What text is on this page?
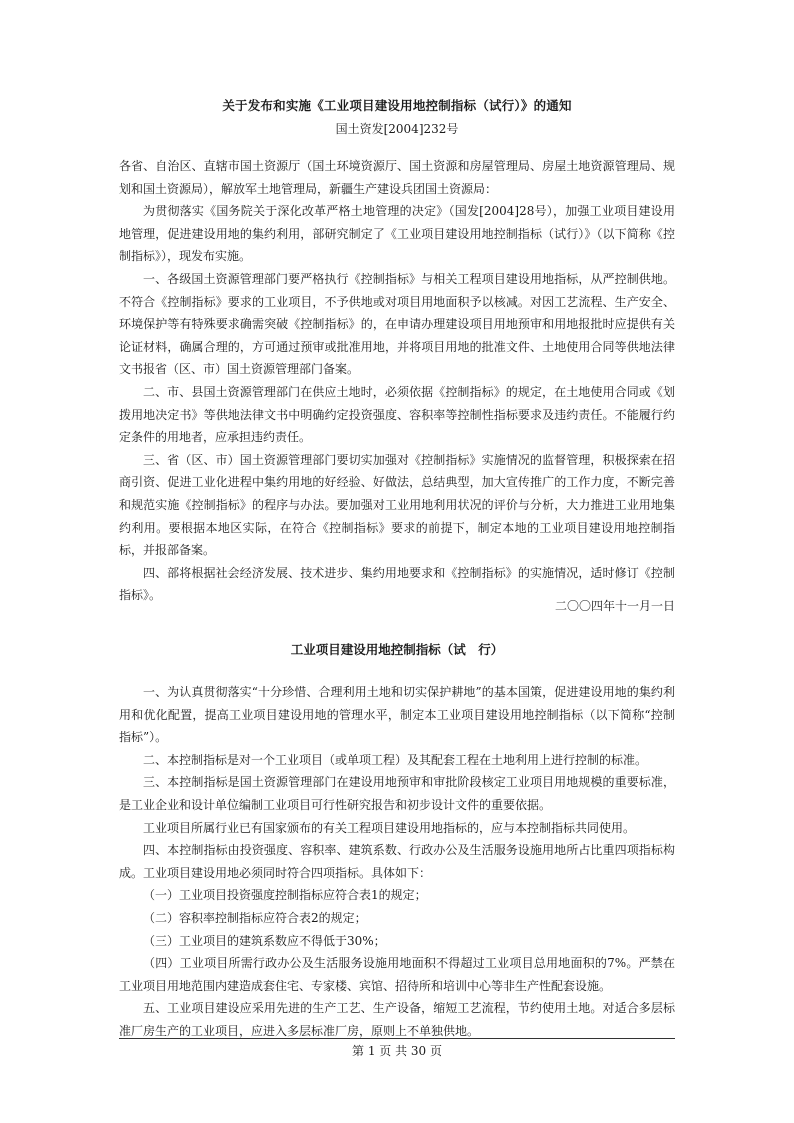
关于发布和实施《工业项目建设用地控制指标（试行）》的通知
国土资发[2004]232号

各省、自治区、直辖市国土资源厅（国土环境资源厅、国土资源和房屋管理局、房屋土地资源管理局、规划和国土资源局），解放军土地管理局，新疆生产建设兵团国土资源局：

为贯彻落实《国务院关于深化改革严格土地管理的决定》（国发[2004]28号），加强工业项目建设用地管理，促进建设用地的集约利用，部研究制定了《工业项目建设用地控制指标（试行）》（以下简称《控制指标》），现发布实施。

一、各级国土资源管理部门要严格执行《控制指标》与相关工程项目建设用地指标，从严控制供地。不符合《控制指标》要求的工业项目，不予供地或对项目用地面积予以核减。对因工艺流程、生产安全、环境保护等有特殊要求确需突破《控制指标》的，在申请办理建设项目用地预审和用地报批时应提供有关论证材料，确属合理的，方可通过预审或批准用地，并将项目用地的批准文件、土地使用合同等供地法律文书报省（区、市）国土资源管理部门备案。

二、市、县国土资源管理部门在供应土地时，必须依据《控制指标》的规定，在土地使用合同或《划拨用地决定书》等供地法律文书中明确约定投资强度、容积率等控制性指标要求及违约责任。不能履行约定条件的用地者，应承担违约责任。

三、省（区、市）国土资源管理部门要切实加强对《控制指标》实施情况的监督管理，积极探索在招商引资、促进工业化进程中集约用地的好经验、好做法，总结典型，加大宣传推广的工作力度，不断完善和规范实施《控制指标》的程序与办法。要加强对工业用地利用状况的评价与分析，大力推进工业用地集约利用。要根据本地区实际，在符合《控制指标》要求的前提下，制定本地的工业项目建设用地控制指标，并报部备案。

四、部将根据社会经济发展、技术进步、集约用地要求和《控制指标》的实施情况，适时修订《控制指标》。

二〇〇四年十一月一日
工业项目建设用地控制指标（试　行）

一、为认真贯彻落实“十分珍惜、合理利用土地和切实保护耕地”的基本国策，促进建设用地的集约利用和优化配置，提高工业项目建设用地的管理水平，制定本工业项目建设用地控制指标（以下简称“控制指标”）。

二、本控制指标是对一个工业项目（或单项工程）及其配套工程在土地利用上进行控制的标准。

三、本控制指标是国土资源管理部门在建设用地预审和审批阶段核定工业项目用地规模的重要标准，是工业企业和设计单位编制工业项目可行性研究报告和初步设计文件的重要依据。

工业项目所属行业已有国家颁布的有关工程项目建设用地指标的，应与本控制指标共同使用。

四、本控制指标由投资强度、容积率、建筑系数、行政办公及生活服务设施用地所占比重四项指标构成。工业项目建设用地必须同时符合四项指标。具体如下：

（一）工业项目投资强度控制指标应符合表1的规定；

（二）容积率控制指标应符合表2的规定；

（三）工业项目的建筑系数应不得低于30%；

（四）工业项目所需行政办公及生活服务设施用地面积不得超过工业项目总用地面积的7%。严禁在工业项目用地范围内建造成套住宅、专家楼、宾馆、招待所和培训中心等非生产性配套设施。

五、工业项目建设应采用先进的生产工艺、生产设备，缩短工艺流程，节约使用土地。对适合多层标准厂房生产的工业项目，应进入多层标准厂房，原则上不单独供地。

第 1 页 共 30 页
